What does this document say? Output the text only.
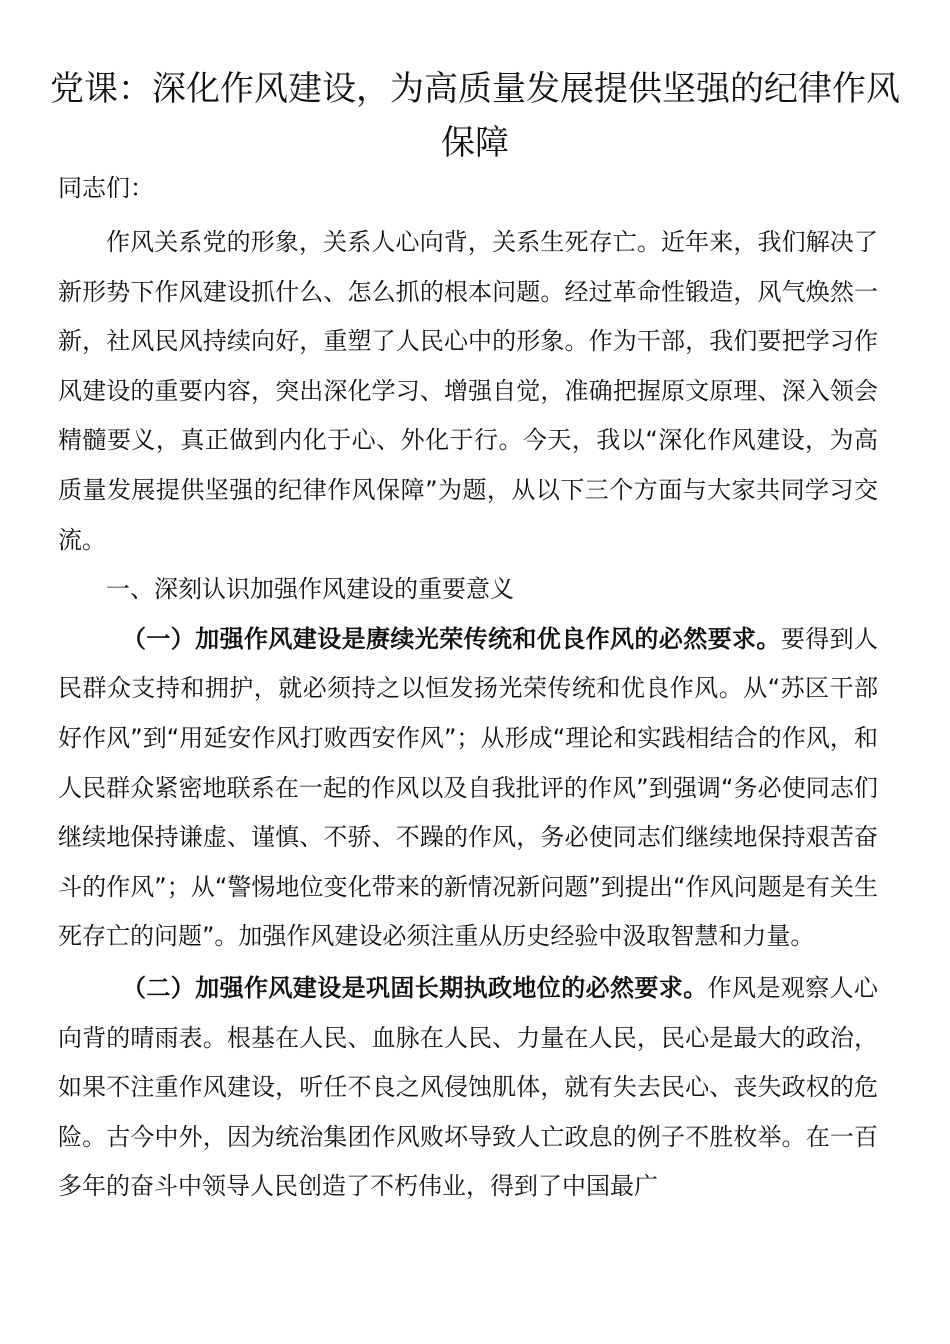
党课：深化作风建设，为高质量发展提供坚强的纪律作风保障

同志们：

作风关系党的形象，关系人心向背，关系生死存亡。近年来，我们解决了新形势下作风建设抓什么、怎么抓的根本问题。经过革命性锻造，风气焕然一新，社风民风持续向好，重塑了人民心中的形象。作为干部，我们要把学习作风建设的重要内容，突出深化学习、增强自觉，准确把握原文原理、深入领会精髓要义，真正做到内化于心、外化于行。今天，我以“深化作风建设，为高质量发展提供坚强的纪律作风保障”为题，从以下三个方面与大家共同学习交流。

一、深刻认识加强作风建设的重要意义

（一）加强作风建设是赓续光荣传统和优良作风的必然要求。要得到人民群众支持和拥护，就必须持之以恒发扬光荣传统和优良作风。从“苏区干部好作风”到“用延安作风打败西安作风”；从形成“理论和实践相结合的作风，和人民群众紧密地联系在一起的作风以及自我批评的作风”到强调“务必使同志们继续地保持谦虚、谨慎、不骄、不躁的作风，务必使同志们继续地保持艰苦奋斗的作风”；从“警惕地位变化带来的新情况新问题”到提出“作风问题是有关生死存亡的问题”。加强作风建设必须注重从历史经验中汲取智慧和力量。

（二）加强作风建设是巩固长期执政地位的必然要求。作风是观察人心向背的晴雨表。根基在人民、血脉在人民、力量在人民，民心是最大的政治，如果不注重作风建设，听任不良之风侵蚀肌体，就有失去民心、丧失政权的危险。古今中外，因为统治集团作风败坏导致人亡政息的例子不胜枚举。在一百多年的奋斗中领导人民创造了不朽伟业，得到了中国最广
